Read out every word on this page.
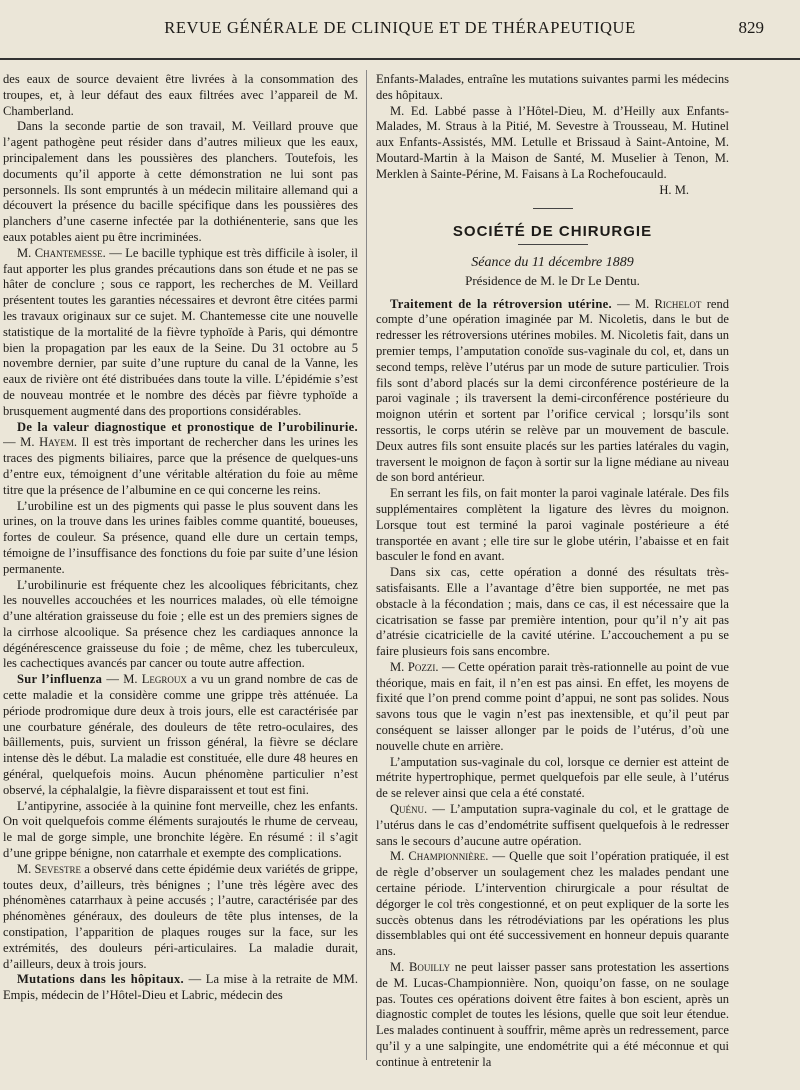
REVUE GÉNÉRALE DE CLINIQUE ET DE THÉRAPEUTIQUE	829

des eaux de source devaient être livrées à la consommation des troupes, et, à leur défaut des eaux filtrées avec l’appareil de M. Chamberland.

Dans la seconde partie de son travail, M. Veillard prouve que l’agent pathogène peut résider dans d’autres milieux que les eaux, principalement dans les poussières des planchers. Toutefois, les documents qu’il apporte à cette démonstration ne lui sont pas personnels. Ils sont empruntés à un médecin militaire allemand qui a découvert la présence du bacille spécifique dans les poussières des planchers d’une caserne infectée par la dothiénenterie, sans que les eaux potables aient pu être incriminées.

M. Chantemesse. — Le bacille typhique est très difficile à isoler, il faut apporter les plus grandes précautions dans son étude et ne pas se hâter de conclure ; sous ce rapport, les recherches de M. Veillard présentent toutes les garanties nécessaires et devront être citées parmi les travaux originaux sur ce sujet. M. Chantemesse cite une nouvelle statistique de la mortalité de la fièvre typhoïde à Paris, qui démontre bien la propagation par les eaux de la Seine. Du 31 octobre au 5 novembre dernier, par suite d’une rupture du canal de la Vanne, les eaux de rivière ont été distribuées dans toute la ville. L’épidémie s’est de nouveau montrée et le nombre des décès par fièvre typhoïde a brusquement augmenté dans des proportions considérables.

De la valeur diagnostique et pronostique de l’urobilinurie. — M. Hayem. Il est très important de rechercher dans les urines les traces des pigments biliaires, parce que la présence de quelques-uns d’entre eux, témoignent d’une véritable altération du foie au même titre que la présence de l’albumine en ce qui concerne les reins.

L’urobiline est un des pigments qui passe le plus souvent dans les urines, on la trouve dans les urines faibles comme quantité, boueuses, fortes de couleur. Sa présence, quand elle dure un certain temps, témoigne de l’insuffisance des fonctions du foie par suite d’une lésion permanente.

L’urobilinurie est fréquente chez les alcooliques fébricitants, chez les nouvelles accouchées et les nourrices malades, où elle témoigne d’une altération graisseuse du foie ; elle est un des premiers signes de la cirrhose alcoolique. Sa présence chez les cardiaques annonce la dégénérescence graisseuse du foie ; de même, chez les tuberculeux, les cachectiques avancés par cancer ou toute autre affection.

Sur l’influenza — M. Legroux a vu un grand nombre de cas de cette maladie et la considère comme une grippe très atténuée. La période prodromique dure deux à trois jours, elle est caractérisée par une courbature générale, des douleurs de tête retro-oculaires, des bâillements, puis, survient un frisson général, la fièvre se déclare intense dès le début. La maladie est constituée, elle dure 48 heures en général, quelquefois moins. Aucun phénomène particulier n’est observé, la céphalalgie, la fièvre disparaissent et tout est fini.

L’antipyrine, associée à la quinine font merveille, chez les enfants. On voit quelquefois comme éléments surajoutés le rhume de cerveau, le mal de gorge simple, une bronchite légère. En résumé : il s’agit d’une grippe bénigne, non catarrhale et exempte des complications.

M. Sevestre a observé dans cette épidémie deux variétés de grippe, toutes deux, d’ailleurs, très bénignes ; l’une très légère avec des phénomènes catarrhaux à peine accusés ; l’autre, caractérisée par des phénomènes généraux, des douleurs de tête plus intenses, de la constipation, l’apparition de plaques rouges sur la face, sur les extrémités, des douleurs péri-articulaires. La maladie durait, d’ailleurs, deux à trois jours.

Mutations dans les hôpitaux. — La mise à la retraite de MM. Empis, médecin de l’Hôtel-Dieu et Labric, médecin des

Enfants-Malades, entraîne les mutations suivantes parmi les médecins des hôpitaux.

M. Ed. Labbé passe à l’Hôtel-Dieu, M. d’Heilly aux Enfants-Malades, M. Straus à la Pitié, M. Sevestre à Trousseau, M. Hutinel aux Enfants-Assistés, MM. Letulle et Brissaud à Saint-Antoine, M. Moutard-Martin à la Maison de Santé, M. Muselier à Tenon, M. Merklen à Sainte-Périne, M. Faisans à La Rochefoucauld.

H. M.

SOCIÉTÉ DE CHIRURGIE

Séance du 11 décembre 1889

Présidence de M. le Dr Le Dentu.

Traitement de la rétroversion utérine. — M. Richelot rend compte d’une opération imaginée par M. Nicoletis, dans le but de redresser les rétroversions utérines mobiles. M. Nicoletis fait, dans un premier temps, l’amputation conoïde sus-vaginale du col, et, dans un second temps, relève l’utérus par un mode de suture particulier. Trois fils sont d’abord placés sur la demi circonférence postérieure de la paroi vaginale ; ils traversent la demi-circonférence postérieure du moignon utérin et sortent par l’orifice cervical ; lorsqu’ils sont ressortis, le corps utérin se relève par un mouvement de bascule. Deux autres fils sont ensuite placés sur les parties latérales du vagin, traversent le moignon de façon à sortir sur la ligne médiane au niveau de son bord antérieur.

En serrant les fils, on fait monter la paroi vaginale latérale. Des fils supplémentaires complètent la ligature des lèvres du moignon. Lorsque tout est terminé la paroi vaginale postérieure a été transportée en avant ; elle tire sur le globe utérin, l’abaisse et en fait basculer le fond en avant.

Dans six cas, cette opération a donné des résultats très-satisfaisants. Elle a l’avantage d’être bien supportée, ne met pas obstacle à la fécondation ; mais, dans ce cas, il est nécessaire que la cicatrisation se fasse par première intention, pour qu’il n’y ait pas d’atrésie cicatricielle de la cavité utérine. L’accouchement a pu se faire plusieurs fois sans encombre.

M. Pozzi. — Cette opération parait très-rationnelle au point de vue théorique, mais en fait, il n’en est pas ainsi. En effet, les moyens de fixité que l’on prend comme point d’appui, ne sont pas solides. Nous savons tous que le vagin n’est pas inextensible, et qu’il peut par conséquent se laisser allonger par le poids de l’utérus, d’où une nouvelle chute en arrière.

L’amputation sus-vaginale du col, lorsque ce dernier est atteint de métrite hypertrophique, permet quelquefois par elle seule, à l’utérus de se relever ainsi que cela a été constaté.

Quénu. — L’amputation supra-vaginale du col, et le grattage de l’utérus dans le cas d’endométrite suffisent quelquefois à le redresser sans le secours d’aucune autre opération.

M. Championnière. — Quelle que soit l’opération pratiquée, il est de règle d’observer un soulagement chez les malades pendant une certaine période. L’intervention chirurgicale a pour résultat de dégorger le col très congestionné, et on peut expliquer de la sorte les succès obtenus dans les rétrodéviations par les opérations les plus dissemblables qui ont été successivement en honneur depuis quarante ans.

M. Bouilly ne peut laisser passer sans protestation les assertions de M. Lucas-Championnière. Non, quoiqu’on fasse, on ne soulage pas. Toutes ces opérations doivent être faites à bon escient, après un diagnostic complet de toutes les lésions, quelle que soit leur étendue. Les malades continuent à souffrir, même après un redressement, parce qu’il y a une salpingite, une endométrite qui a été méconnue et qui continue à entretenir la
